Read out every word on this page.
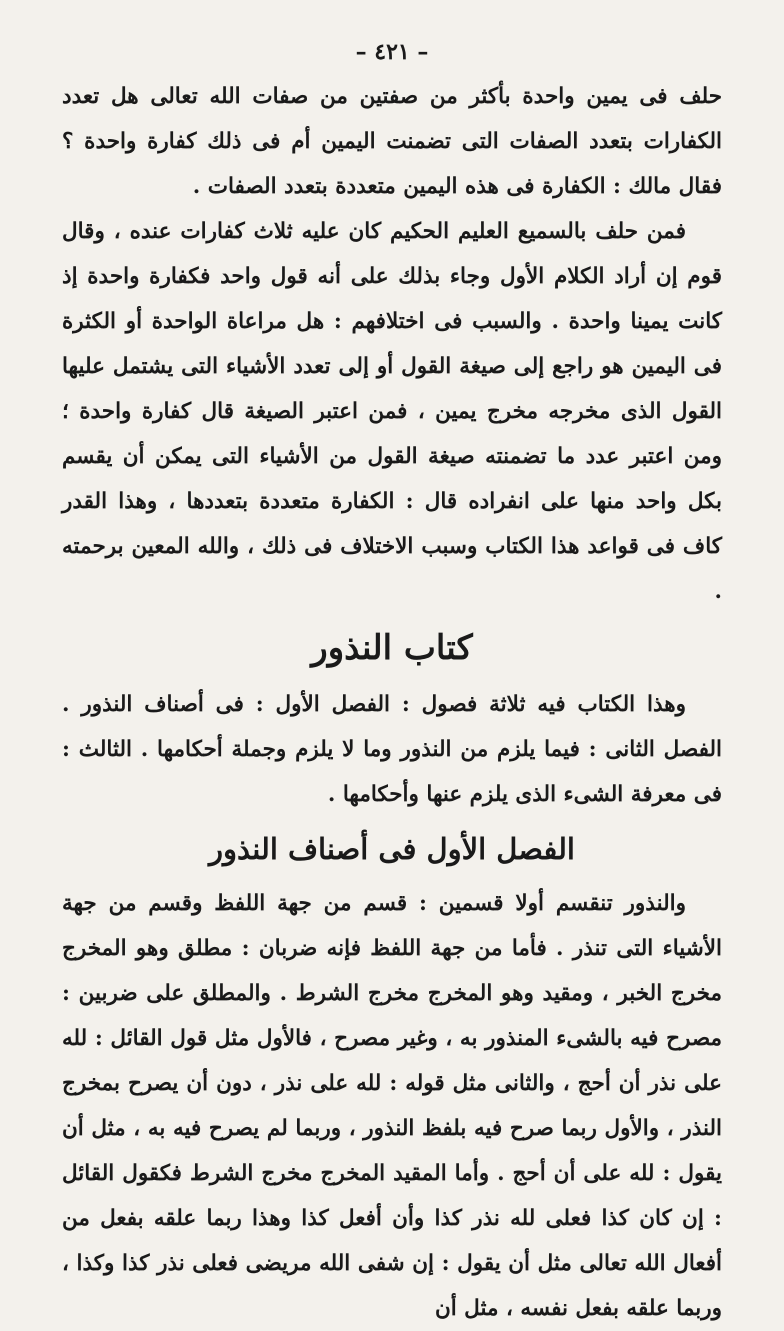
– ٤٢١ –

حلف فى يمين واحدة بأكثر من صفتين من صفات الله تعالى هل تعدد الكفارات بتعدد الصفات التى تضمنت اليمين أم فى ذلك كفارة واحدة ؟ فقال مالك : الكفارة فى هذه اليمين متعددة بتعدد الصفات .

فمن حلف بالسميع العليم الحكيم كان عليه ثلاث كفارات عنده ، وقال قوم إن أراد الكلام الأول وجاء بذلك على أنه قول واحد فكفارة واحدة إذ كانت يمينا واحدة . والسبب فى اختلافهم : هل مراعاة الواحدة أو الكثرة فى اليمين هو راجع إلى صيغة القول أو إلى تعدد الأشياء التى يشتمل عليها القول الذى مخرجه مخرج يمين ، فمن اعتبر الصيغة قال كفارة واحدة ؛ ومن اعتبر عدد ما تضمنته صيغة القول من الأشياء التى يمكن أن يقسم بكل واحد منها على انفراده قال : الكفارة متعددة بتعددها ، وهذا القدر كاف فى قواعد هذا الكتاب وسبب الاختلاف فى ذلك ، والله المعين برحمته .

كتاب النذور

وهذا الكتاب فيه ثلاثة فصول : الفصل الأول : فى أصناف النذور . الفصل الثانى : فيما يلزم من النذور وما لا يلزم وجملة أحكامها . الثالث : فى معرفة الشىء الذى يلزم عنها وأحكامها .

الفصل الأول فى أصناف النذور

والنذور تنقسم أولا قسمين : قسم من جهة اللفظ وقسم من جهة الأشياء التى تنذر . فأما من جهة اللفظ فإنه ضربان : مطلق وهو المخرج مخرج الخبر ، ومقيد وهو المخرج مخرج الشرط . والمطلق على ضربين : مصرح فيه بالشىء المنذور به ، وغير مصرح ، فالأول مثل قول القائل : لله على نذر أن أحج ، والثانى مثل قوله : لله على نذر ، دون أن يصرح بمخرج النذر ، والأول ربما صرح فيه بلفظ النذور ، وربما لم يصرح فيه به ، مثل أن يقول : لله على أن أحج . وأما المقيد المخرج مخرج الشرط فكقول القائل : إن كان كذا فعلى لله نذر كذا وأن أفعل كذا وهذا ربما علقه بفعل من أفعال الله تعالى مثل أن يقول : إن شفى الله مريضى فعلى نذر كذا وكذا ، وربما علقه بفعل نفسه ، مثل أن
